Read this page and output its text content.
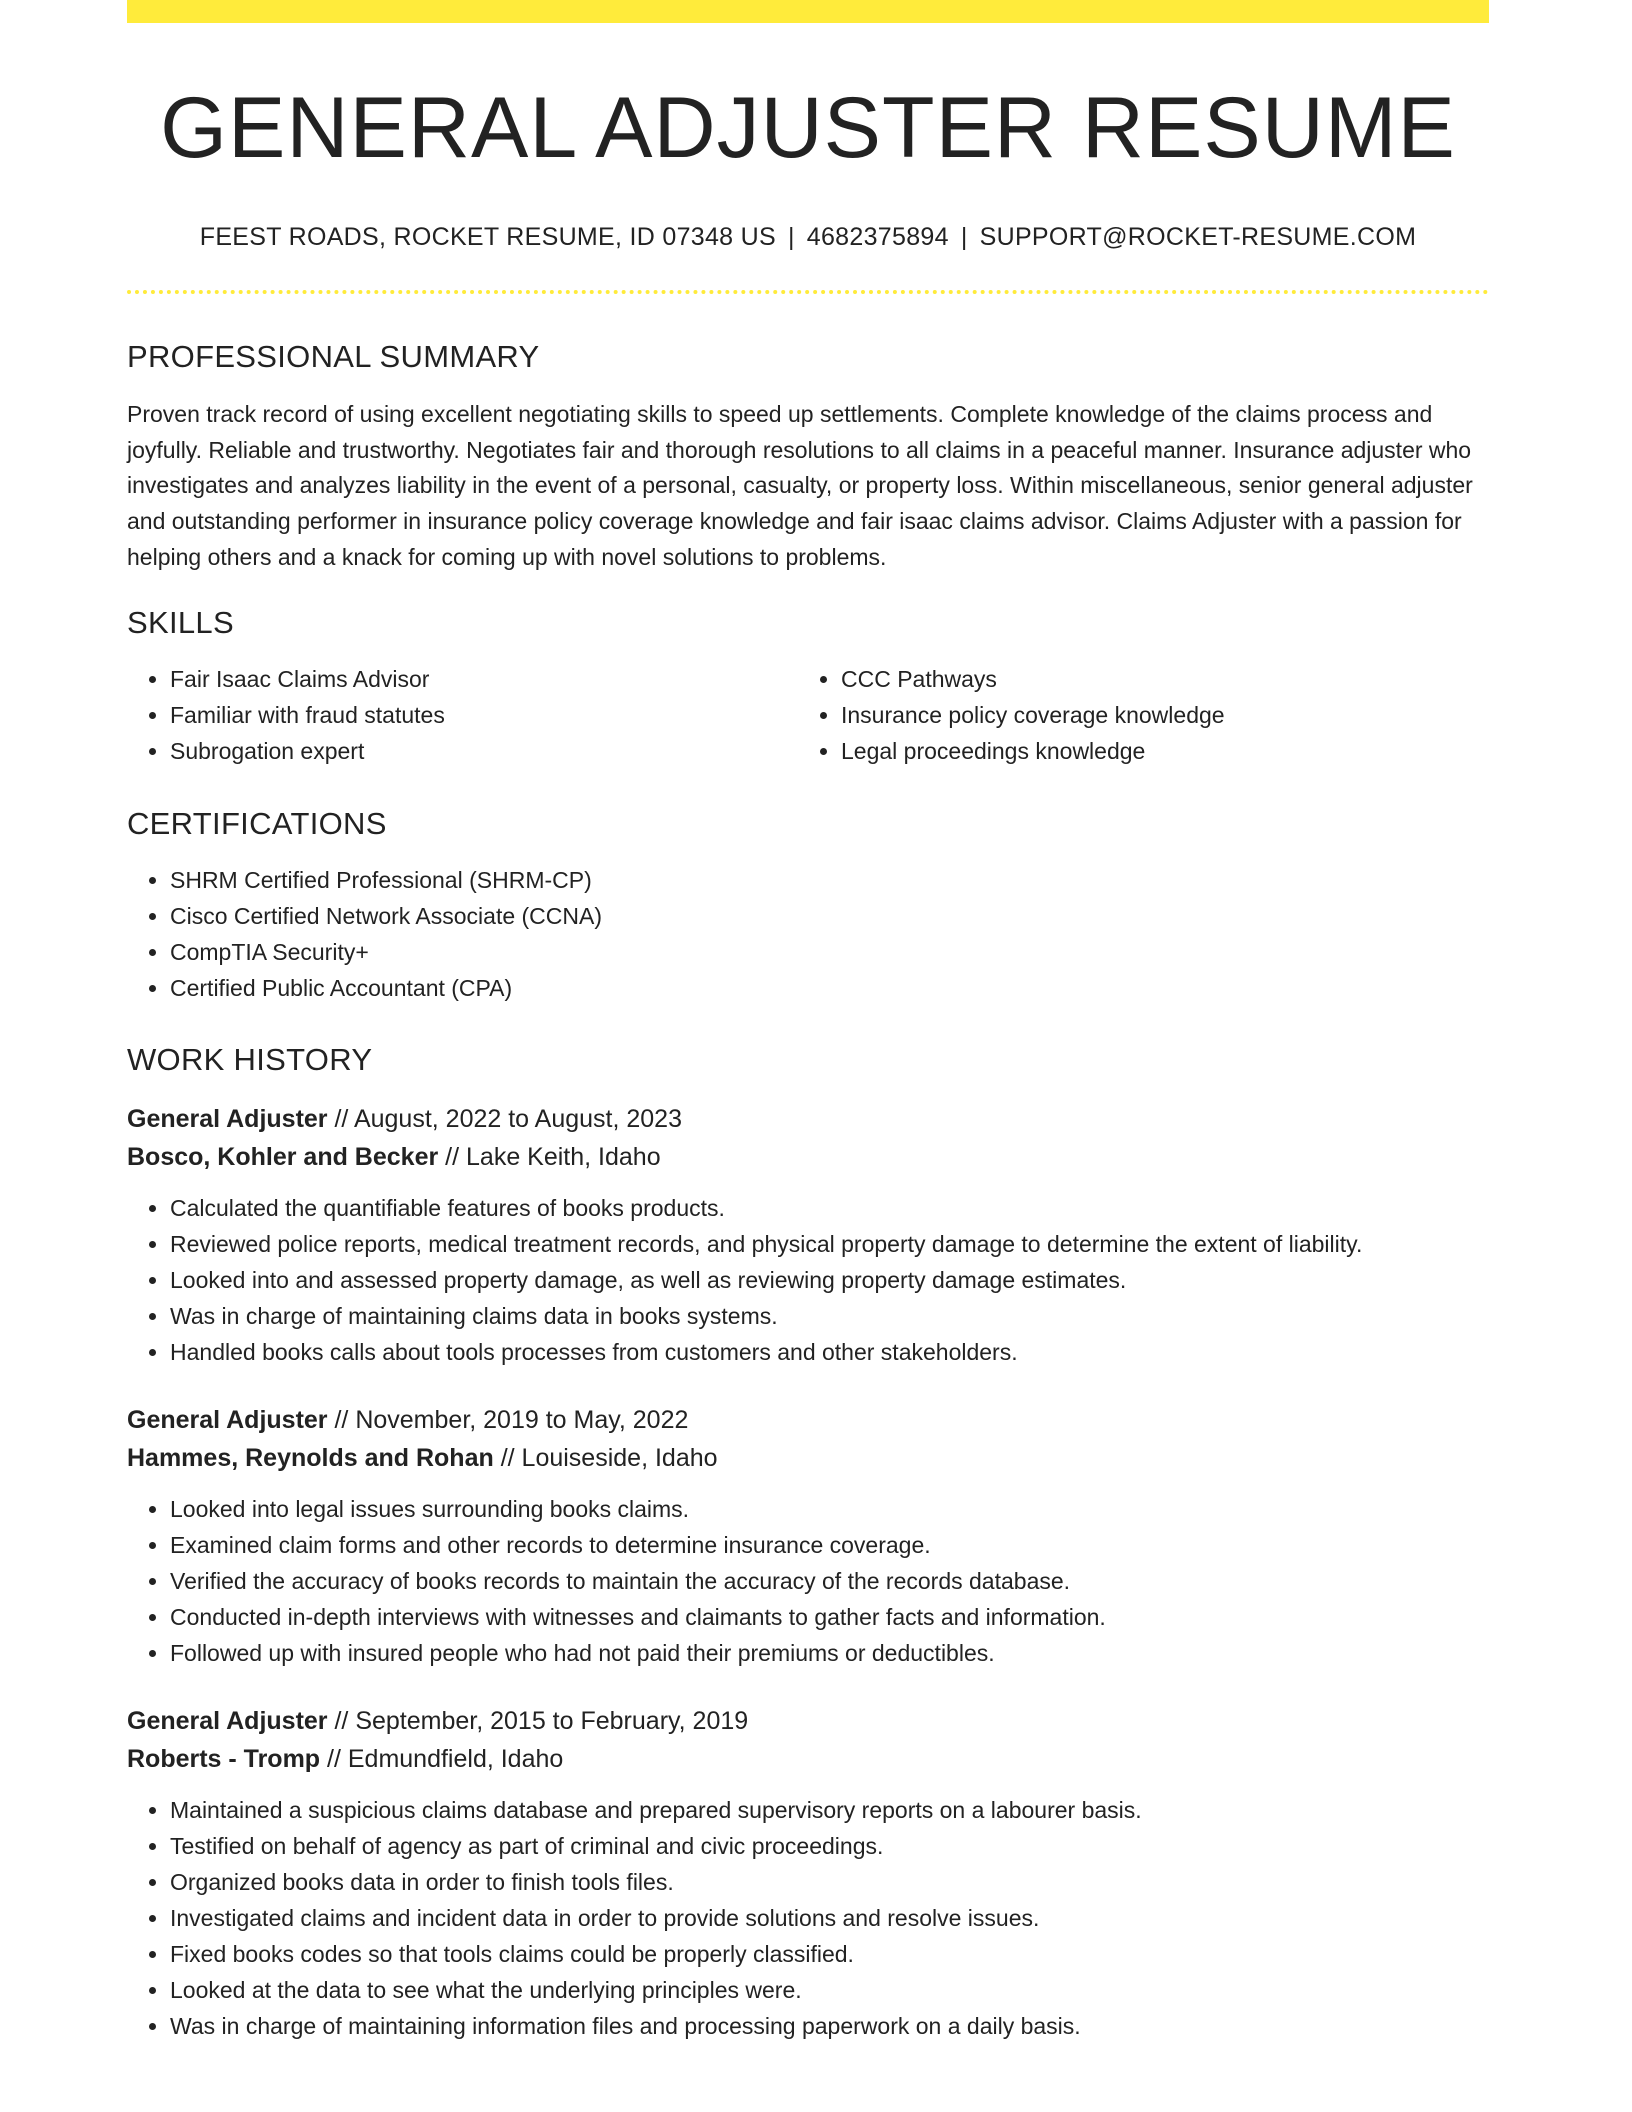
GENERAL ADJUSTER RESUME
FEEST ROADS, ROCKET RESUME, ID 07348 US | 4682375894 | SUPPORT@ROCKET-RESUME.COM
PROFESSIONAL SUMMARY

Proven track record of using excellent negotiating skills to speed up settlements. Complete knowledge of the claims process and joyfully. Reliable and trustworthy. Negotiates fair and thorough resolutions to all claims in a peaceful manner. Insurance adjuster who investigates and analyzes liability in the event of a personal, casualty, or property loss. Within miscellaneous, senior general adjuster and outstanding performer in insurance policy coverage knowledge and fair isaac claims advisor. Claims Adjuster with a passion for helping others and a knack for coming up with novel solutions to problems.

SKILLS
• Fair Isaac Claims Advisor
• Familiar with fraud statutes
• Subrogation expert
• CCC Pathways
• Insurance policy coverage knowledge
• Legal proceedings knowledge
CERTIFICATIONS
• SHRM Certified Professional (SHRM-CP)
• Cisco Certified Network Associate (CCNA)
• CompTIA Security+
• Certified Public Accountant (CPA)
WORK HISTORY
General Adjuster // August, 2022 to August, 2023
Bosco, Kohler and Becker // Lake Keith, Idaho
• Calculated the quantifiable features of books products.
• Reviewed police reports, medical treatment records, and physical property damage to determine the extent of liability.
• Looked into and assessed property damage, as well as reviewing property damage estimates.
• Was in charge of maintaining claims data in books systems.
• Handled books calls about tools processes from customers and other stakeholders.
General Adjuster // November, 2019 to May, 2022
Hammes, Reynolds and Rohan // Louiseside, Idaho
• Looked into legal issues surrounding books claims.
• Examined claim forms and other records to determine insurance coverage.
• Verified the accuracy of books records to maintain the accuracy of the records database.
• Conducted in-depth interviews with witnesses and claimants to gather facts and information.
• Followed up with insured people who had not paid their premiums or deductibles.
General Adjuster // September, 2015 to February, 2019
Roberts - Tromp // Edmundfield, Idaho
• Maintained a suspicious claims database and prepared supervisory reports on a labourer basis.
• Testified on behalf of agency as part of criminal and civic proceedings.
• Organized books data in order to finish tools files.
• Investigated claims and incident data in order to provide solutions and resolve issues.
• Fixed books codes so that tools claims could be properly classified.
• Looked at the data to see what the underlying principles were.
• Was in charge of maintaining information files and processing paperwork on a daily basis.
